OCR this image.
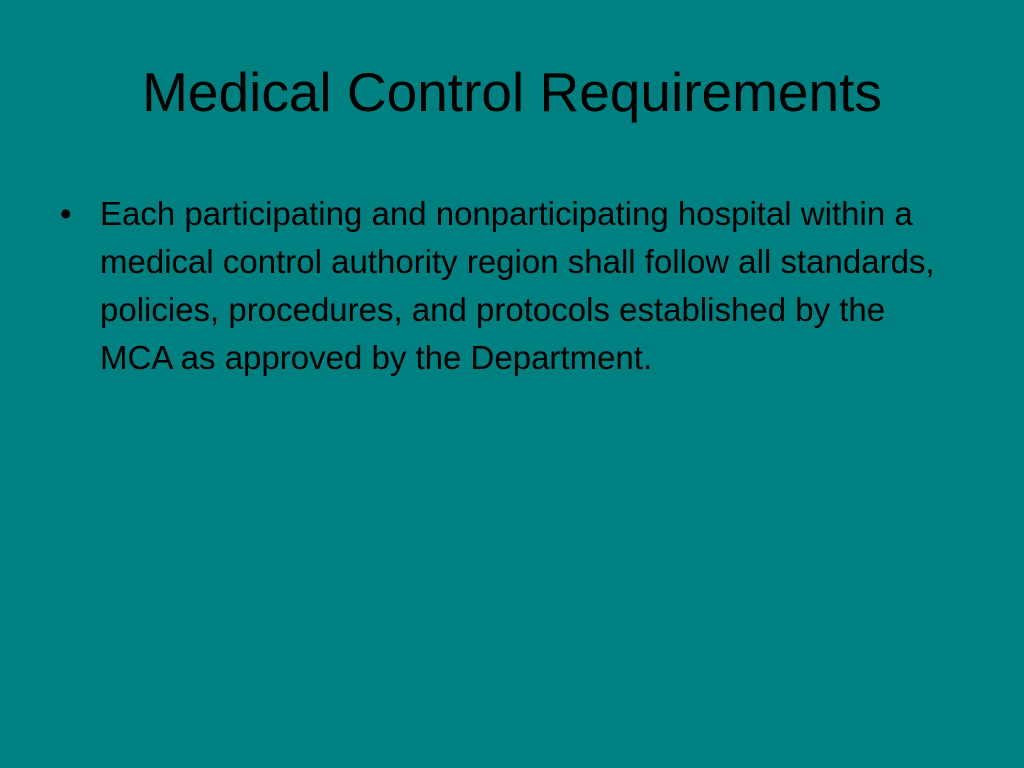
Medical Control Requirements
• Each participating and nonparticipating hospital within a medical control authority region shall follow all standards, policies, procedures, and protocols established by the MCA as approved by the Department.
